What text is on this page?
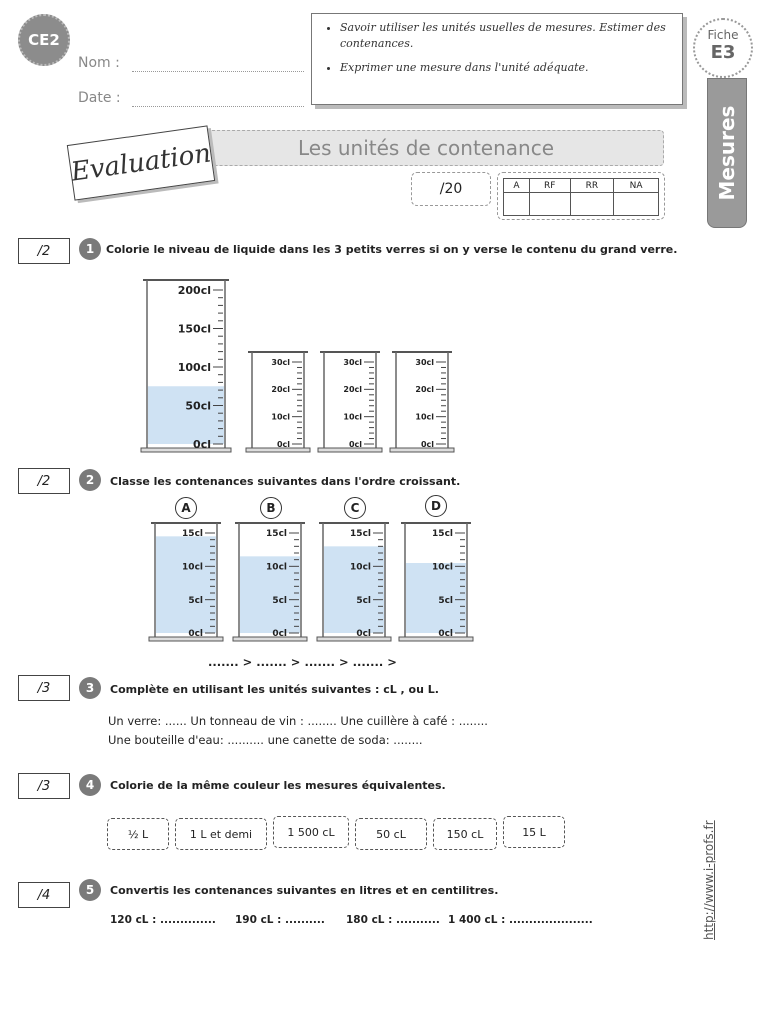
CE2
Nom :
Date :
• Savoir utiliser les unités usuelles de mesures. Estimer des contenances.
• Exprimer une mesure dans l'unité adéquate.
Fiche
E3
Mesures
Les unités de contenance
Evaluation
/20	A	RF	RR	NA

/2	1	Colorie le niveau de liquide dans les 3 petits verres si on y verse le contenu du grand verre.
200cl
150cl
100cl
50cl
0cl
30cl
20cl
10cl
0cl
30cl
20cl
10cl
0cl
30cl
20cl
10cl
0cl
/2	2	Classe les contenances suivantes dans l'ordre croissant.
A	B	C	D
15cl
10cl
5cl
0cl
15cl
10cl
5cl
0cl
15cl
10cl
5cl
0cl
15cl
10cl
5cl
0cl
....... > ....... > ....... > ....... >
/3	3	Complète en utilisant les unités suivantes : cL , ou L.
Un verre: ...... Un tonneau de vin : ........ Une cuillère à café : ........
Une bouteille d'eau: .......... une canette de soda: ........
/3	4	Colorie de la même couleur les mesures équivalentes.
½ L	1 L et demi	1 500 cL	50 cL	150 cL	15 L
/4	5	Convertis les contenances suivantes en litres et en centilitres.
120 cL : .............. 190 cL : .......... 180 cL : ........... 1 400 cL : .....................	http://www.i-profs.fr
